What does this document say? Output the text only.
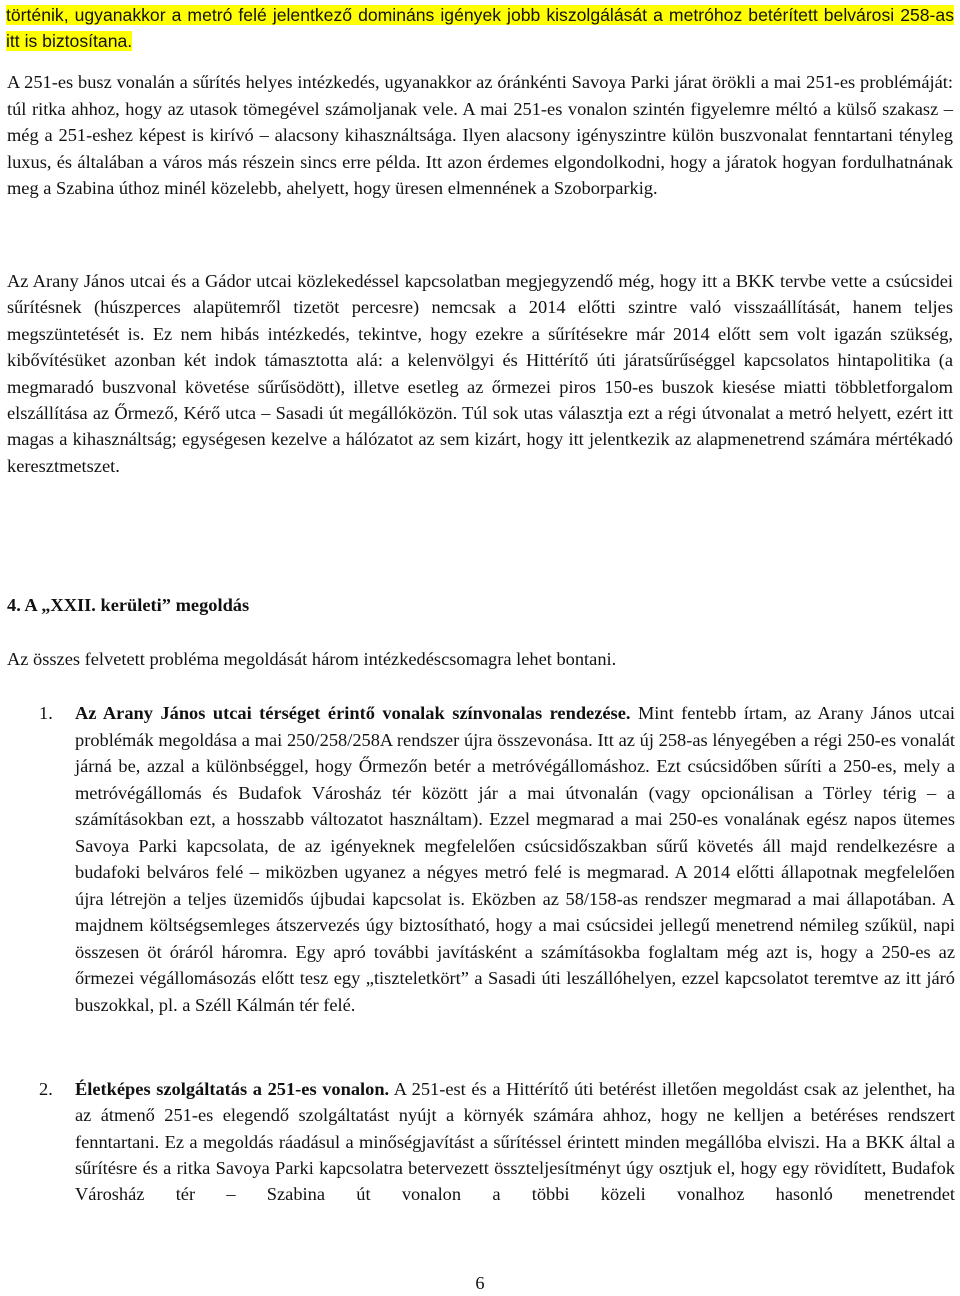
történik, ugyanakkor a metró felé jelentkező domináns igények jobb kiszolgálását a metróhoz betérített belvárosi 258-as itt is biztosítana.

A 251-es busz vonalán a sűrítés helyes intézkedés, ugyanakkor az óránkénti Savoya Parki járat örökli a mai 251-es problémáját: túl ritka ahhoz, hogy az utasok tömegével számoljanak vele. A mai 251-es vonalon szintén figyelemre méltó a külső szakasz – még a 251-eshez képest is kirívó – alacsony kihasználtsága. Ilyen alacsony igényszintre külön buszvonalat fenntartani tényleg luxus, és általában a város más részein sincs erre példa. Itt azon érdemes elgondolkodni, hogy a járatok hogyan fordulhatnának meg a Szabina úthoz minél közelebb, ahelyett, hogy üresen elmennének a Szoborparkig.

Az Arany János utcai és a Gádor utcai közlekedéssel kapcsolatban megjegyzendő még, hogy itt a BKK tervbe vette a csúcsidei sűrítésnek (húszperces alapütemről tizetöt percesre) nemcsak a 2014 előtti szintre való visszaállítását, hanem teljes megszüntetését is. Ez nem hibás intézkedés, tekintve, hogy ezekre a sűrítésekre már 2014 előtt sem volt igazán szükség, kibővítésüket azonban két indok támasztotta alá: a kelenvölgyi és Hittérítő úti járatsűrűséggel kapcsolatos hintapolitika (a megmaradó buszvonal követése sűrűsödött), illetve esetleg az őrmezei piros 150-es buszok kiesése miatti többletforgalom elszállítása az Őrmező, Kérő utca – Sasadi út megállóközön. Túl sok utas választja ezt a régi útvonalat a metró helyett, ezért itt magas a kihasználtság; egységesen kezelve a hálózatot az sem kizárt, hogy itt jelentkezik az alapmenetrend számára mértékadó keresztmetszet.

4. A „XXII. kerületi” megoldás

Az összes felvetett probléma megoldását három intézkedéscsomagra lehet bontani.

1. Az Arany János utcai térséget érintő vonalak színvonalas rendezése. Mint fentebb írtam, az Arany János utcai problémák megoldása a mai 250/258/258A rendszer újra összevonása. Itt az új 258-as lényegében a régi 250-es vonalát járná be, azzal a különbséggel, hogy Őrmezőn betér a metróvégállomáshoz. Ezt csúcsidőben sűríti a 250-es, mely a metróvégállomás és Budafok Városház tér között jár a mai útvonalán (vagy opcionálisan a Törley térig – a számításokban ezt, a hosszabb változatot használtam). Ezzel megmarad a mai 250-es vonalának egész napos ütemes Savoya Parki kapcsolata, de az igényeknek megfelelően csúcsidőszakban sűrű követés áll majd rendelkezésre a budafoki belváros felé – miközben ugyanez a négyes metró felé is megmarad. A 2014 előtti állapotnak megfelelően újra létrejön a teljes üzemidős újbudai kapcsolat is. Eközben az 58/158-as rendszer megmarad a mai állapotában. A majdnem költségsemleges átszervezés úgy biztosítható, hogy a mai csúcsidei jellegű menetrend némileg szűkül, napi összesen öt óráról háromra. Egy apró további javításként a számításokba foglaltam még azt is, hogy a 250-es az őrmezei végállomásozás előtt tesz egy „tiszteletkört” a Sasadi úti leszállóhelyen, ezzel kapcsolatot teremtve az itt járó buszokkal, pl. a Széll Kálmán tér felé.

2. Életképes szolgáltatás a 251-es vonalon. A 251-est és a Hittérítő úti betérést illetően megoldást csak az jelenthet, ha az átmenő 251-es elegendő szolgáltatást nyújt a környék számára ahhoz, hogy ne kelljen a betéréses rendszert fenntartani. Ez a megoldás ráadásul a minőségjavítást a sűrítéssel érintett minden megállóba elviszi. Ha a BKK által a sűrítésre és a ritka Savoya Parki kapcsolatra betervezett összteljesítményt úgy osztjuk el, hogy egy rövidített, Budafok Városház tér – Szabina út vonalon a többi közeli vonalhoz hasonló menetrendet

6
